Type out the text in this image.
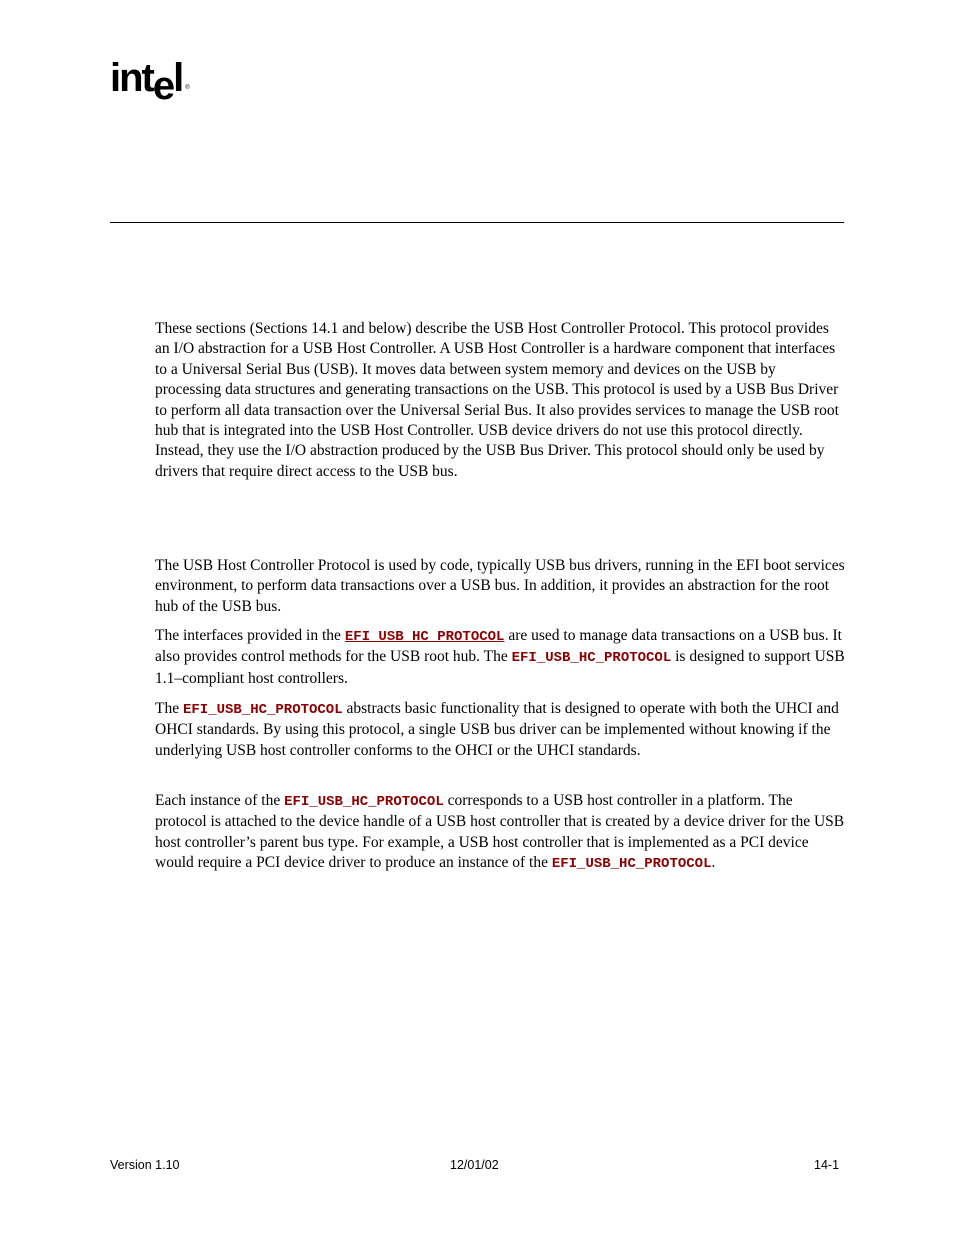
intel ®

These sections (Sections 14.1 and below) describe the USB Host Controller Protocol. This protocol provides an I/O abstraction for a USB Host Controller. A USB Host Controller is a hardware component that interfaces to a Universal Serial Bus (USB). It moves data between system memory and devices on the USB by processing data structures and generating transactions on the USB. This protocol is used by a USB Bus Driver to perform all data transaction over the Universal Serial Bus. It also provides services to manage the USB root hub that is integrated into the USB Host Controller. USB device drivers do not use this protocol directly. Instead, they use the I/O abstraction produced by the USB Bus Driver. This protocol should only be used by drivers that require direct access to the USB bus.

The USB Host Controller Protocol is used by code, typically USB bus drivers, running in the EFI boot services environment, to perform data transactions over a USB bus. In addition, it provides an abstraction for the root hub of the USB bus.

The interfaces provided in the EFI_USB_HC_PROTOCOL are used to manage data transactions on a USB bus. It also provides control methods for the USB root hub. The EFI_USB_HC_PROTOCOL is designed to support USB 1.1–compliant host controllers.

The EFI_USB_HC_PROTOCOL abstracts basic functionality that is designed to operate with both the UHCI and OHCI standards. By using this protocol, a single USB bus driver can be implemented without knowing if the underlying USB host controller conforms to the OHCI or the UHCI standards.

Each instance of the EFI_USB_HC_PROTOCOL corresponds to a USB host controller in a platform. The protocol is attached to the device handle of a USB host controller that is created by a device driver for the USB host controller’s parent bus type. For example, a USB host controller that is implemented as a PCI device would require a PCI device driver to produce an instance of the EFI_USB_HC_PROTOCOL.

Version 1.10	12/01/02	14-1
